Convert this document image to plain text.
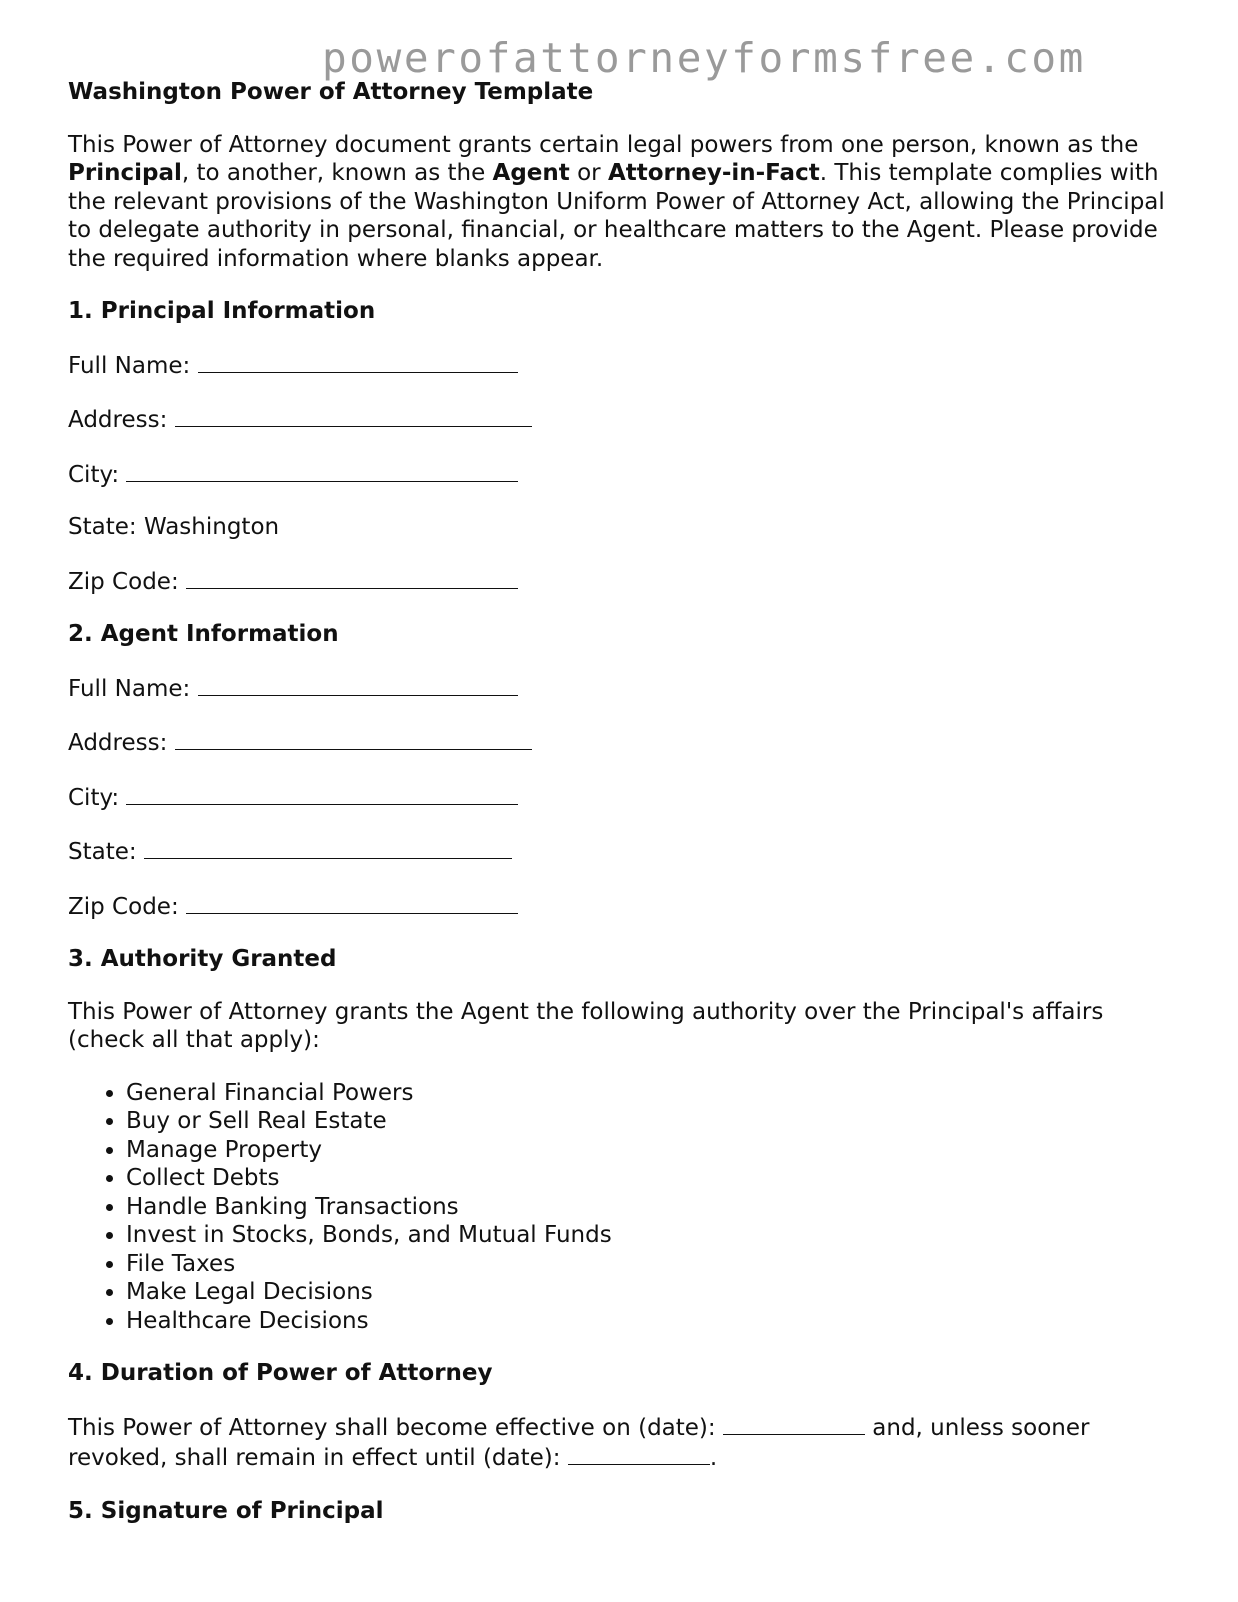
powerofattorneyformsfree.com
Washington Power of Attorney Template

This Power of Attorney document grants certain legal powers from one person, known as the Principal, to another, known as the Agent or Attorney-in-Fact. This template complies with the relevant provisions of the Washington Uniform Power of Attorney Act, allowing the Principal to delegate authority in personal, financial, or healthcare matters to the Agent. Please provide the required information where blanks appear.

1. Principal Information
Full Name:
Address:
City:
State: Washington
Zip Code:
2. Agent Information
Full Name:
Address:
City:
State:
Zip Code:
3. Authority Granted

This Power of Attorney grants the Agent the following authority over the Principal's affairs (check all that apply):

• General Financial Powers
• Buy or Sell Real Estate
• Manage Property
• Collect Debts
• Handle Banking Transactions
• Invest in Stocks, Bonds, and Mutual Funds
• File Taxes
• Make Legal Decisions
• Healthcare Decisions
4. Duration of Power of Attorney

This Power of Attorney shall become effective on (date):	and, unless sooner revoked, shall remain in effect until (date):	.

5. Signature of Principal
